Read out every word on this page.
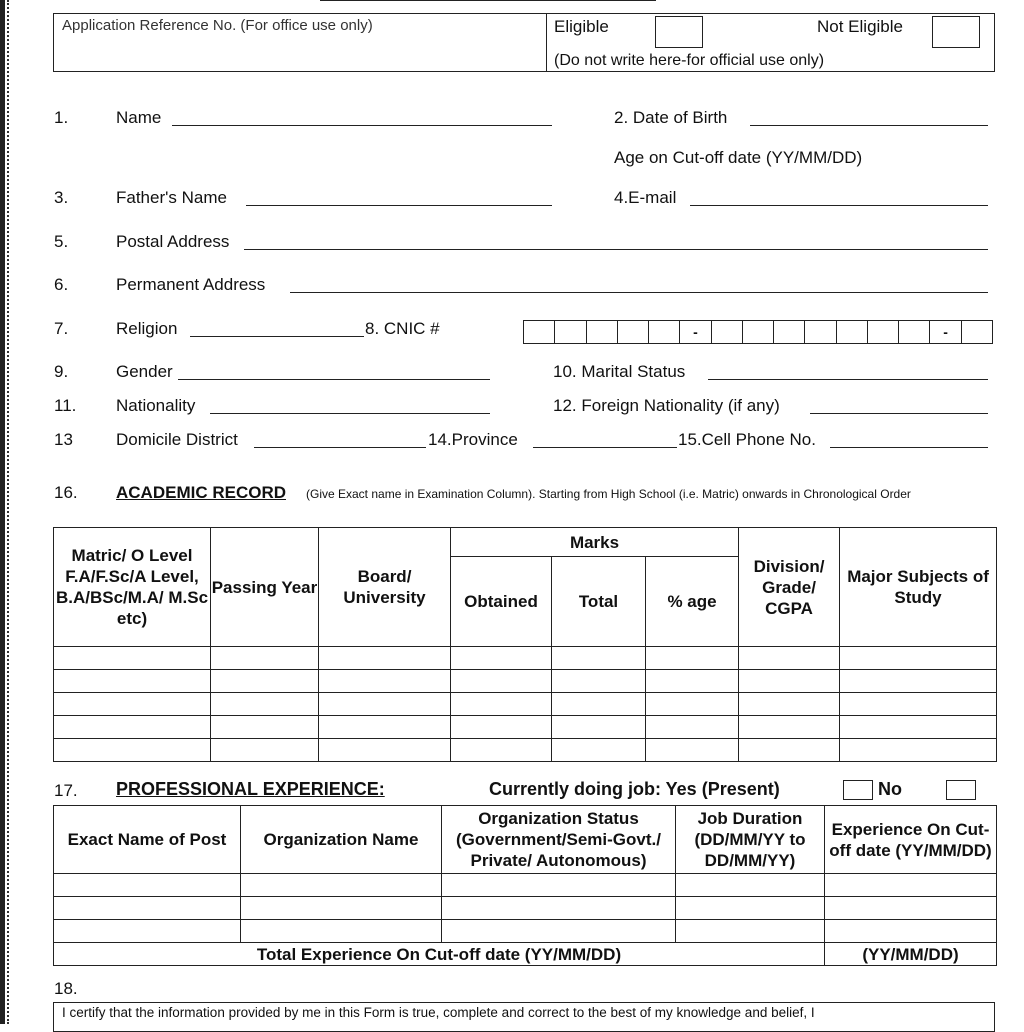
Application Reference No. (For office use only)	Eligible	Not Eligible
(Do not write here-for official use only)
1.	Name	2. Date of Birth
Age on Cut-off date (YY/MM/DD)
3.	Father's Name	4.E-mail
5.	Postal Address
6.	Permanent Address
7.	Religion	8. CNIC #	-	-
9.	Gender	10. Marital Status
11. Nationality	12. Foreign Nationality (if any)
13	Domicile District	14.Province	15.Cell Phone No.
16. ACADEMIC RECORD (Give Exact name in Examination Column). Starting from High School (i.e. Matric) onwards in Chronological Order
Matric/ O Level F.A/F.Sc/A Level, B.A/BSc/M.A/ M.Sc etc)	Passing Year	Board/ University	Marks			Division/ Grade/ CGPA	Major Subjects of Study
			Obtained	Total	% age		

17. PROFESSIONAL EXPERIENCE:	Currently doing job: Yes (Present)	No
Exact Name of Post	Organization Name	Organization Status (Government/Semi-Govt./ Private/ Autonomous)	Job Duration (DD/MM/YY to DD/MM/YY)	Experience On Cut-off date (YY/MM/DD)

Total Experience On Cut-off date (YY/MM/DD)				(YY/MM/DD)
18.
I certify that the information provided by me in this Form is true, complete and correct to the best of my knowledge and belief, I
